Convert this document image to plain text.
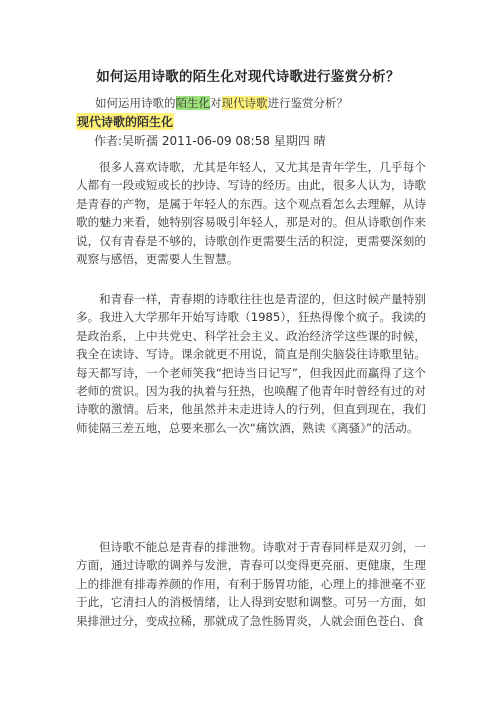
如何运用诗歌的陌生化对现代诗歌进行鉴赏分析？
如何运用诗歌的陌生化对现代诗歌进行鉴赏分析？
现代诗歌的陌生化
作者:吴昕孺 2011-06-09 08:58 星期四 晴

很多人喜欢诗歌，尤其是年轻人，又尤其是青年学生，几乎每个人都有一段或短或长的抄诗、写诗的经历。由此，很多人认为，诗歌是青春的产物，是属于年轻人的东西。这个观点看怎么去理解，从诗歌的魅力来看，她特别容易吸引年轻人，那是对的。但从诗歌创作来说，仅有青春是不够的，诗歌创作更需要生活的积淀，更需要深刻的观察与感悟，更需要人生智慧。

和青春一样，青春期的诗歌往往也是青涩的，但这时候产量特别多。我进入大学那年开始写诗歌（1985），狂热得像个疯子。我读的是政治系，上中共党史、科学社会主义、政治经济学这些课的时候，我全在读诗、写诗。课余就更不用说，简直是削尖脑袋往诗歌里钻。每天都写诗，一个老师笑我“把诗当日记写”，但我因此而赢得了这个老师的赏识。因为我的执着与狂热，也唤醒了他青年时曾经有过的对诗歌的激情。后来，他虽然并未走进诗人的行列，但直到现在，我们师徒隔三差五地，总要来那么一次“痛饮酒，熟读《离骚》”的活动。

但诗歌不能总是青春的排泄物。诗歌对于青春同样是双刃剑，一方面，通过诗歌的调养与发泄，青春可以变得更亮丽、更健康，生理上的排泄有排毒养颜的作用，有利于肠胃功能，心理上的排泄毫不亚于此，它清扫人的消极情绪，让人得到安慰和调整。可另一方面，如果排泄过分，变成拉稀，那就成了急性肠胃炎，人就会面色苍白、食
